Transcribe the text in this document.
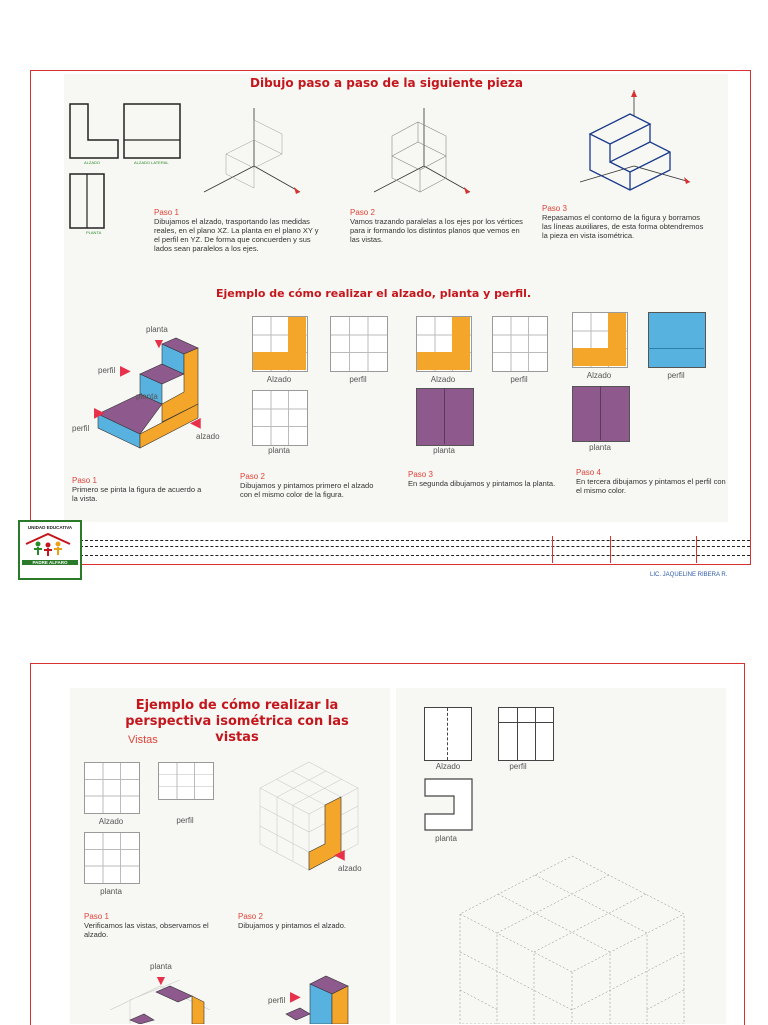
Dibujo paso a paso de la siguiente pieza
ALZADO	ALZADO LATERAL
PLANTA
Paso 1
Dibujamos el alzado, trasportando las medidas reales, en el plano XZ. La planta en el plano XY y el perfil en YZ. De forma que concuerden y sus lados sean paralelos a los ejes.
Paso 2
Vamos trazando paralelas a los ejes por los vértices para ir formando los distintos planos que vemos en las vistas.
Paso 3
Repasamos el contorno de la figura y borramos las líneas auxiliares, de esta forma obtendremos la pieza en vista isométrica.
Ejemplo de cómo realizar el alzado, planta y perfil.
planta
▼
perfil ▶
planta
perfil
▶
alzado
◀
Alzado	perfil
planta
Alzado	perfil
planta
Alzado	perfil
planta
Paso 1
Primero se pinta la figura de acuerdo a la vista.
Paso 2
Dibujamos y pintamos primero el alzado con el mismo color de la figura.
Paso 3
En segunda dibujamos y pintamos la planta.
Paso 4
En tercera dibujamos y pintamos el perfil con el mismo color.
UNIDAD EDUCATIVA
PADRE ALFARO
LIC. JAQUELINE RIBERA R.
Ejemplo de cómo realizar la perspectiva isométrica con las vistas
Vistas
Alzado	perfil
planta
◀
alzado
Paso 1
Verificamos las vistas, observamos el alzado.
Paso 2
Dibujamos y pintamos el alzado.
planta
▼
perfil ▶
Alzado	perfil
planta
